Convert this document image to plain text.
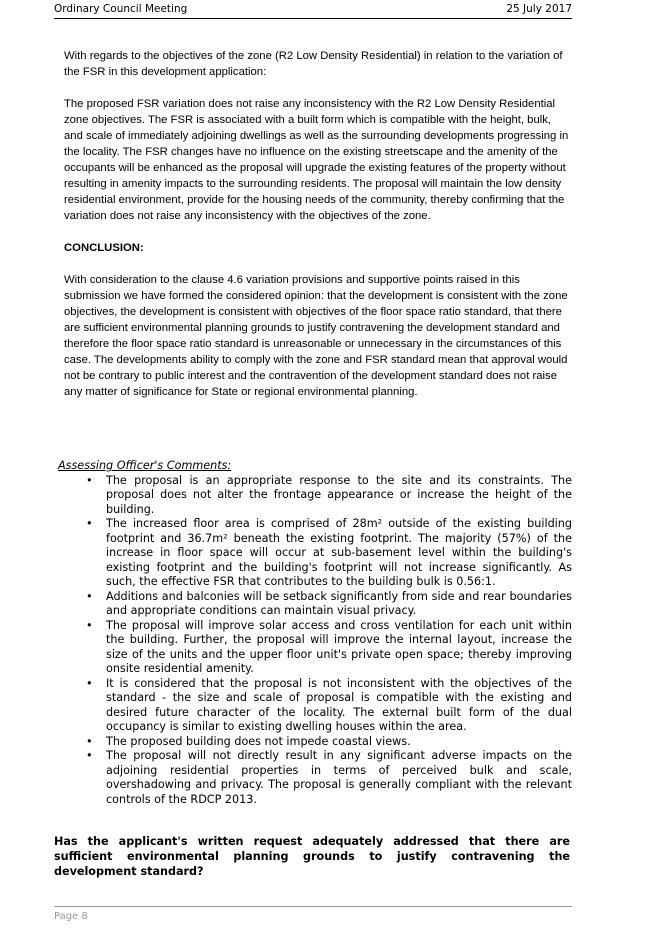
Ordinary Council Meeting	25 July 2017

With regards to the objectives of the zone (R2 Low Density Residential) in relation to the variation of the FSR in this development application:

The proposed FSR variation does not raise any inconsistency with the R2 Low Density Residential zone objectives. The FSR is associated with a built form which is compatible with the height, bulk, and scale of immediately adjoining dwellings as well as the surrounding developments progressing in the locality. The FSR changes have no influence on the existing streetscape and the amenity of the occupants will be enhanced as the proposal will upgrade the existing features of the property without resulting in amenity impacts to the surrounding residents. The proposal will maintain the low density residential environment, provide for the housing needs of the community, thereby confirming that the variation does not raise any inconsistency with the objectives of the zone.

CONCLUSION:

With consideration to the clause 4.6 variation provisions and supportive points raised in this submission we have formed the considered opinion: that the development is consistent with the zone objectives, the development is consistent with objectives of the floor space ratio standard, that there are sufficient environmental planning grounds to justify contravening the development standard and therefore the floor space ratio standard is unreasonable or unnecessary in the circumstances of this case. The developments ability to comply with the zone and FSR standard mean that approval would not be contrary to public interest and the contravention of the development standard does not raise any matter of significance for State or regional environmental planning.

Assessing Officer's Comments:

• The proposal is an appropriate response to the site and its constraints. The proposal does not alter the frontage appearance or increase the height of the building.
• The increased floor area is comprised of 28m² outside of the existing building footprint and 36.7m² beneath the existing footprint. The majority (57%) of the increase in floor space will occur at sub-basement level within the building's existing footprint and the building's footprint will not increase significantly. As such, the effective FSR that contributes to the building bulk is 0.56:1.
• Additions and balconies will be setback significantly from side and rear boundaries and appropriate conditions can maintain visual privacy.
• The proposal will improve solar access and cross ventilation for each unit within the building. Further, the proposal will improve the internal layout, increase the size of the units and the upper floor unit's private open space; thereby improving onsite residential amenity.
• It is considered that the proposal is not inconsistent with the objectives of the standard - the size and scale of proposal is compatible with the existing and desired future character of the locality. The external built form of the dual occupancy is similar to existing dwelling houses within the area.
• The proposed building does not impede coastal views.
• The proposal will not directly result in any significant adverse impacts on the adjoining residential properties in terms of perceived bulk and scale, overshadowing and privacy. The proposal is generally compliant with the relevant controls of the RDCP 2013.

Has the applicant's written request adequately addressed that there are sufficient environmental planning grounds to justify contravening the development standard?

Page 8
